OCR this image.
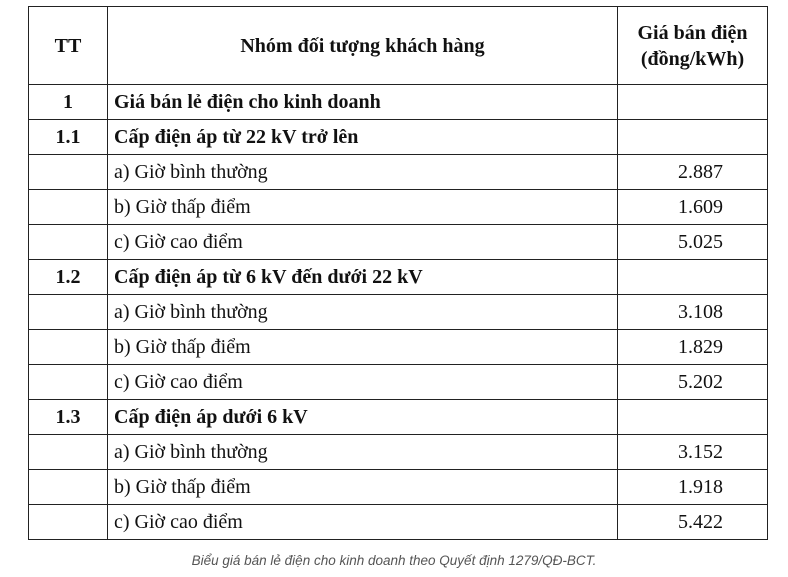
TT	Nhóm đối tượng khách hàng	Giá bán điện
(đồng/kWh)

1	Giá bán lẻ điện cho kinh doanh	
1.1	Cấp điện áp từ 22 kV trở lên	
	a) Giờ bình thường	2.887
	b) Giờ thấp điểm	1.609
	c) Giờ cao điểm	5.025
1.2	Cấp điện áp từ 6 kV đến dưới 22 kV	
	a) Giờ bình thường	3.108
	b) Giờ thấp điểm	1.829
	c) Giờ cao điểm	5.202
1.3	Cấp điện áp dưới 6 kV	
	a) Giờ bình thường	3.152
	b) Giờ thấp điểm	1.918
	c) Giờ cao điểm	5.422
Biểu giá bán lẻ điện cho kinh doanh theo Quyết định 1279/QĐ-BCT.
